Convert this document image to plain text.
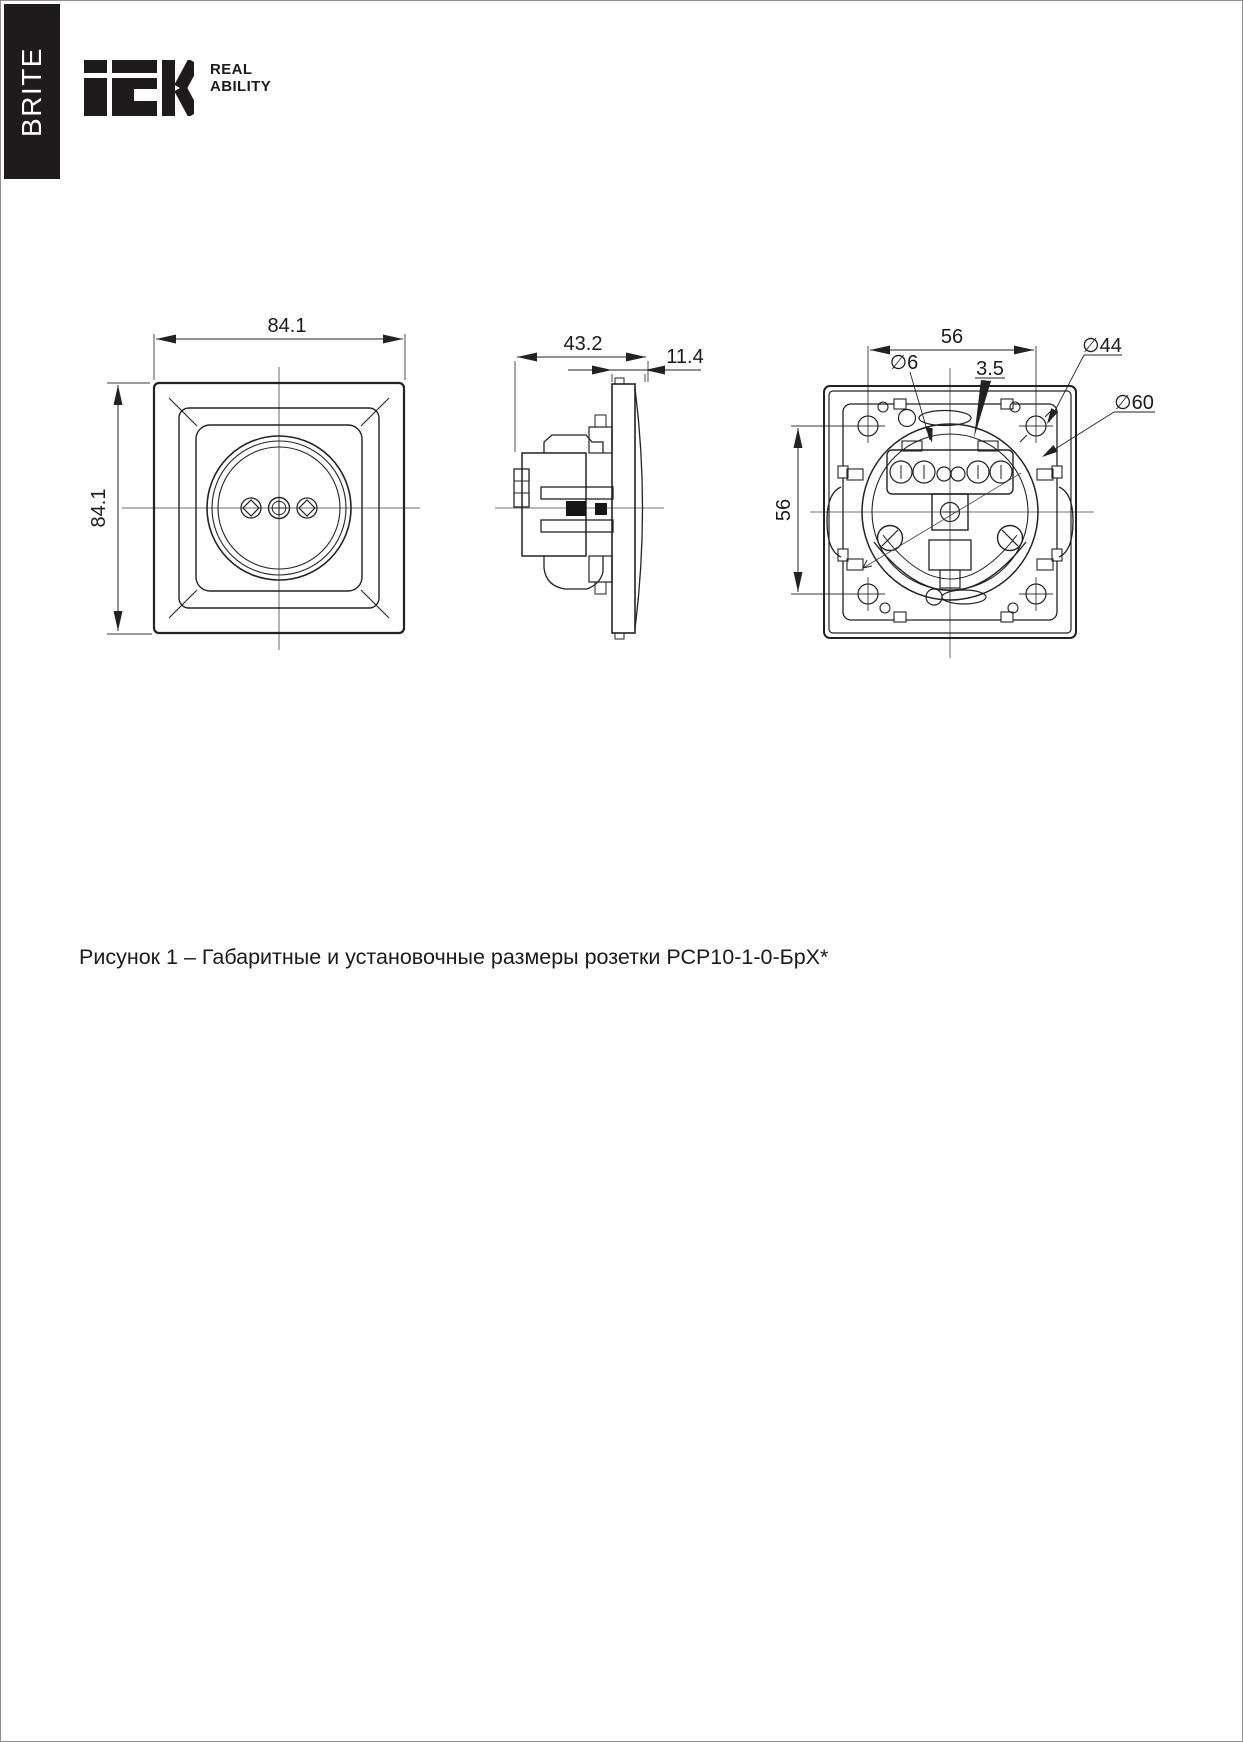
BRITE	REAL
ABILITY
84.1
84.1
43.2
11.4
56
56
∅6	3.5
∅44
∅60
Рисунок 1 – Габаритные и установочные размеры розетки РСР10-1-0-БрХ*
